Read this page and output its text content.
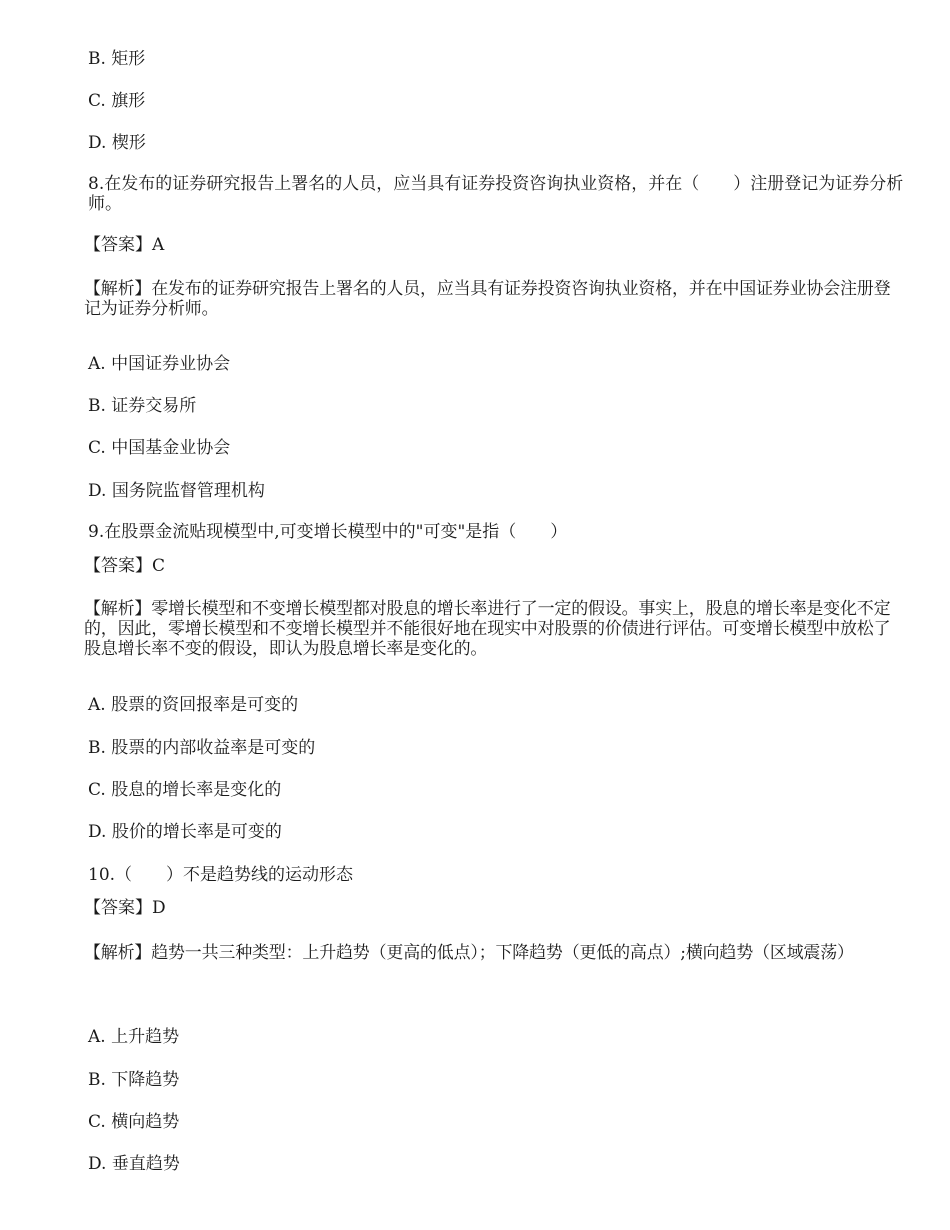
B. 矩形
C. 旗形
D. 楔形
8.在发布的证券研究报告上署名的人员，应当具有证券投资咨询执业资格，并在（　　）注册登记为证券分析师。
【答案】A
【解析】在发布的证券研究报告上署名的人员，应当具有证券投资咨询执业资格，并在中国证券业协会注册登记为证券分析师。
A. 中国证券业协会
B. 证券交易所
C. 中国基金业协会
D. 国务院监督管理机构
9.在股票金流贴现模型中,可变增长模型中的"可变"是指（　　）
【答案】C
【解析】零增长模型和不变增长模型都对股息的增长率进行了一定的假设。事实上，股息的增长率是变化不定的，因此，零增长模型和不变增长模型并不能很好地在现实中对股票的价债进行评估。可变增长模型中放松了股息增长率不变的假设，即认为股息增长率是变化的。
A. 股票的资回报率是可变的
B. 股票的内部收益率是可变的
C. 股息的增长率是变化的
D. 股价的增长率是可变的
10.（　　）不是趋势线的运动形态
【答案】D
【解析】趋势一共三种类型：上升趋势（更高的低点）；下降趋势（更低的高点）;横向趋势（区域震荡）
A. 上升趋势
B. 下降趋势
C. 横向趋势
D. 垂直趋势
